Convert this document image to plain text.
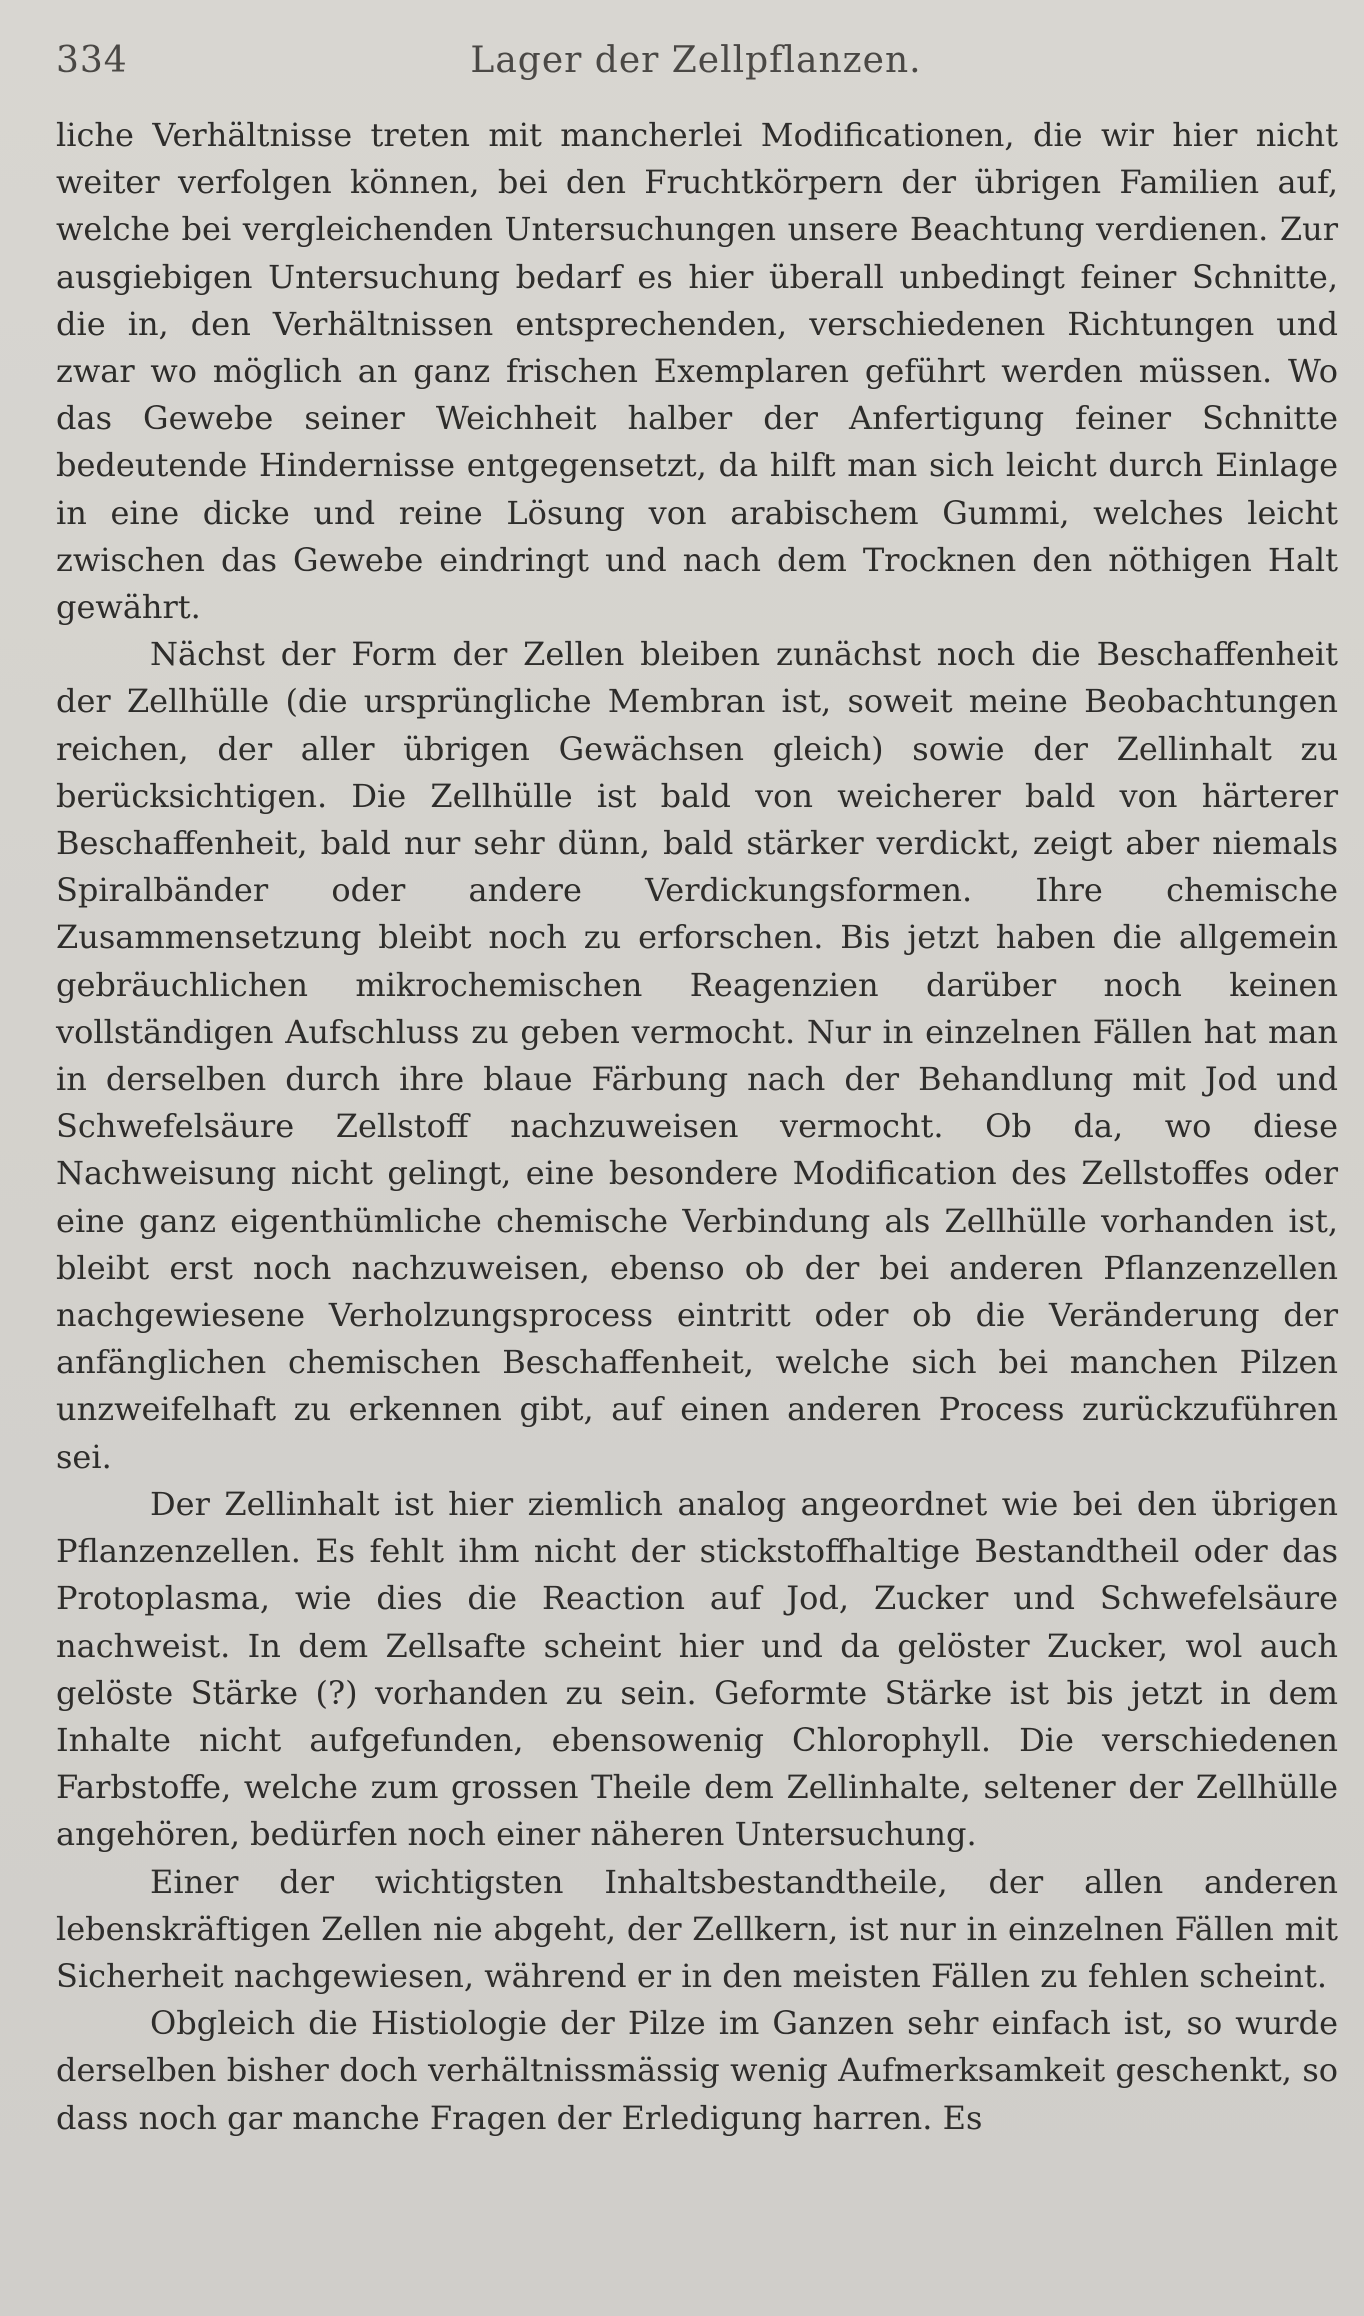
334	Lager der Zellpflanzen.

liche Verhältnisse treten mit mancherlei Modificationen, die wir hier nicht weiter verfolgen können, bei den Fruchtkörpern der übrigen Familien auf, welche bei vergleichenden Untersuchungen unsere Beachtung verdienen. Zur ausgiebigen Untersuchung bedarf es hier überall unbedingt feiner Schnitte, die in, den Verhältnissen entsprechenden, verschiedenen Richtungen und zwar wo möglich an ganz frischen Exemplaren geführt werden müssen. Wo das Gewebe seiner Weichheit halber der Anfertigung feiner Schnitte bedeutende Hindernisse entgegensetzt, da hilft man sich leicht durch Einlage in eine dicke und reine Lösung von arabischem Gummi, welches leicht zwischen das Gewebe eindringt und nach dem Trocknen den nöthigen Halt gewährt.

Nächst der Form der Zellen bleiben zunächst noch die Beschaffenheit der Zellhülle (die ursprüngliche Membran ist, soweit meine Beobachtungen reichen, der aller übrigen Gewächsen gleich) sowie der Zellinhalt zu berücksichtigen. Die Zellhülle ist bald von weicherer bald von härterer Beschaffenheit, bald nur sehr dünn, bald stärker verdickt, zeigt aber niemals Spiralbänder oder andere Verdickungsformen. Ihre chemische Zusammensetzung bleibt noch zu erforschen. Bis jetzt haben die allgemein gebräuchlichen mikrochemischen Reagenzien darüber noch keinen vollständigen Aufschluss zu geben vermocht. Nur in einzelnen Fällen hat man in derselben durch ihre blaue Färbung nach der Behandlung mit Jod und Schwefelsäure Zellstoff nachzuweisen vermocht. Ob da, wo diese Nachweisung nicht gelingt, eine besondere Modification des Zellstoffes oder eine ganz eigenthümliche chemische Verbindung als Zellhülle vorhanden ist, bleibt erst noch nachzuweisen, ebenso ob der bei anderen Pflanzenzellen nachgewiesene Verholzungsprocess eintritt oder ob die Veränderung der anfänglichen chemischen Beschaffenheit, welche sich bei manchen Pilzen unzweifelhaft zu erkennen gibt, auf einen anderen Process zurückzuführen sei.

Der Zellinhalt ist hier ziemlich analog angeordnet wie bei den übrigen Pflanzenzellen. Es fehlt ihm nicht der stickstoffhaltige Bestandtheil oder das Protoplasma, wie dies die Reaction auf Jod, Zucker und Schwefelsäure nachweist. In dem Zellsafte scheint hier und da gelöster Zucker, wol auch gelöste Stärke (?) vorhanden zu sein. Geformte Stärke ist bis jetzt in dem Inhalte nicht aufgefunden, ebensowenig Chlorophyll. Die verschiedenen Farbstoffe, welche zum grossen Theile dem Zellinhalte, seltener der Zellhülle angehören, bedürfen noch einer näheren Untersuchung.

Einer der wichtigsten Inhaltsbestandtheile, der allen anderen lebenskräftigen Zellen nie abgeht, der Zellkern, ist nur in einzelnen Fällen mit Sicherheit nachgewiesen, während er in den meisten Fällen zu fehlen scheint.

Obgleich die Histiologie der Pilze im Ganzen sehr einfach ist, so wurde derselben bisher doch verhältnissmässig wenig Aufmerksamkeit geschenkt, so dass noch gar manche Fragen der Erledigung harren. Es
